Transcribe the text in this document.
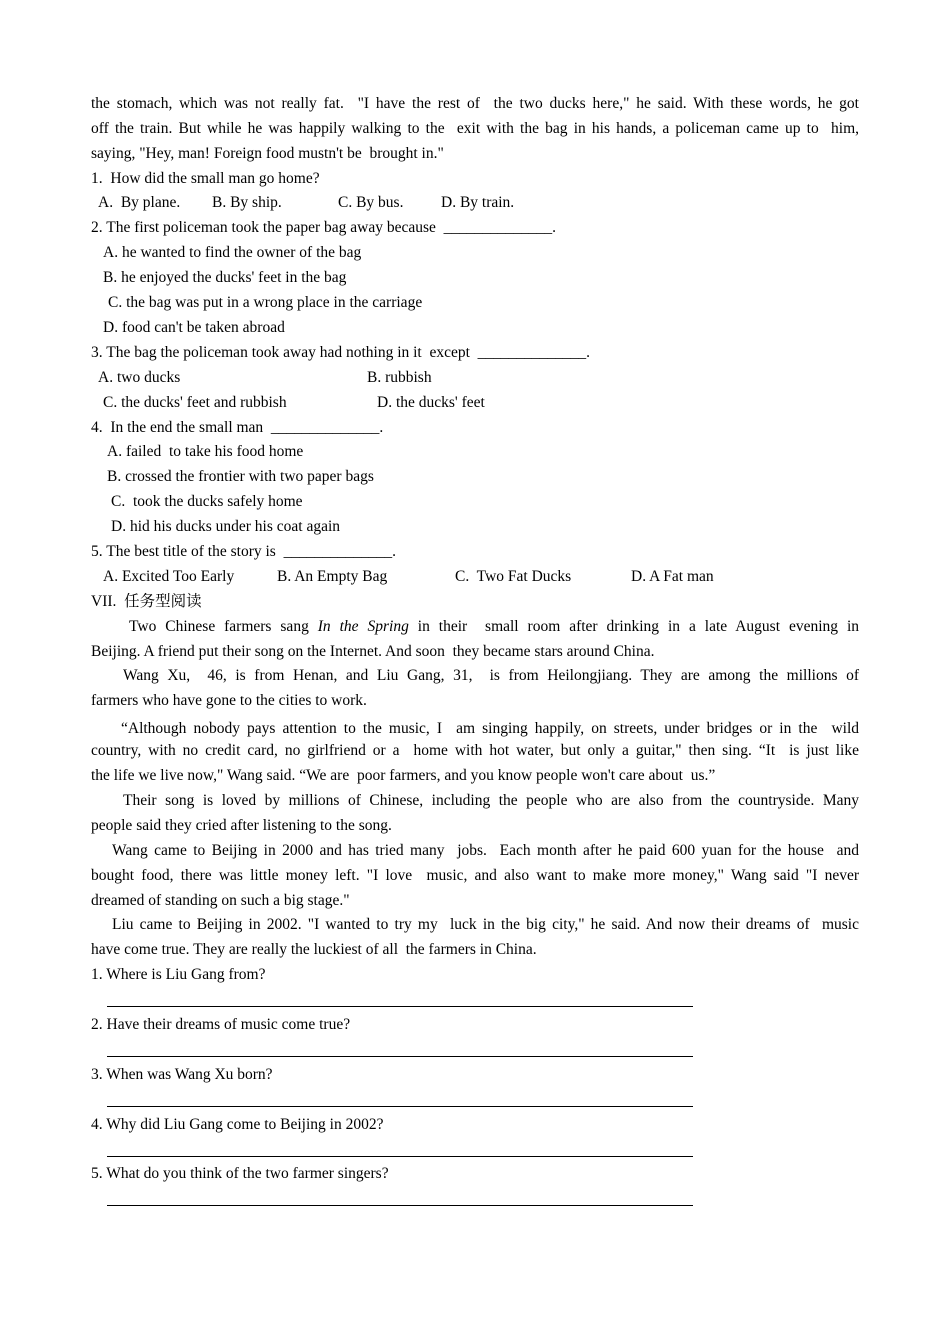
the stomach, which was not really fat.  "I have the rest of  the two ducks here," he said. With these words, he got
off the train. But while he was happily walking to the  exit with the bag in his hands, a policeman came up to  him,
saying, "Hey, man! Foreign food mustn't be  brought in."
1.  How did the small man go home?

A.  By plane.

B. By ship.

	C. By bus.

D. By train.

2. The first policeman took the paper bag away because  ______________.
A. he wanted to find the owner of the bag
B. he enjoyed the ducks' feet in the bag
C. the bag was put in a wrong place in the carriage
D. food can't be taken abroad
3. The bag the policeman took away had nothing in it  except  ______________.

A. two ducks

	B. rubbish

C. the ducks' feet and rubbish

	D. the ducks' feet

4.  In the end the small man  ______________.
A. failed  to take his food home
B. crossed the frontier with two paper bags
C.  took the ducks safely home
D. hid his ducks under his coat again
5. The best title of the story is  ______________.

A. Excited Too Early

	B. An Empty Bag

	C.  Two Fat Ducks

	D. A Fat man

VII.  任务型阅读
Two Chinese farmers sang In the Spring in their  small room after drinking in a late August evening in
Beijing. A friend put their song on the Internet. And soon  they became stars around China.
Wang Xu,  46, is from Henan, and Liu Gang, 31,  is from Heilongjiang. They are among the millions of
farmers who have gone to the cities to work.
“Although nobody pays attention to the music, I  am singing happily, on streets, under bridges or in the  wild
country, with no credit card, no girlfriend or a  home with hot water, but only a guitar," then sing. “It  is just like
the life we live now," Wang said. “We are  poor farmers, and you know people won't care about  us.”
Their song is loved by millions of Chinese, including the people who are also from the countryside. Many
people said they cried after listening to the song.
Wang came to Beijing in 2000 and has tried many  jobs.  Each month after he paid 600 yuan for the house  and
bought food, there was little money left. "I love  music, and also want to make more money," Wang said "I never
dreamed of standing on such a big stage."
Liu came to Beijing in 2002. "I wanted to try my  luck in the big city," he said. And now their dreams of  music
have come true. They are really the luckiest of all  the farmers in China.
1. Where is Liu Gang from?
2. Have their dreams of music come true?
3. When was Wang Xu born?
4. Why did Liu Gang come to Beijing in 2002?
5. What do you think of the two farmer singers?
